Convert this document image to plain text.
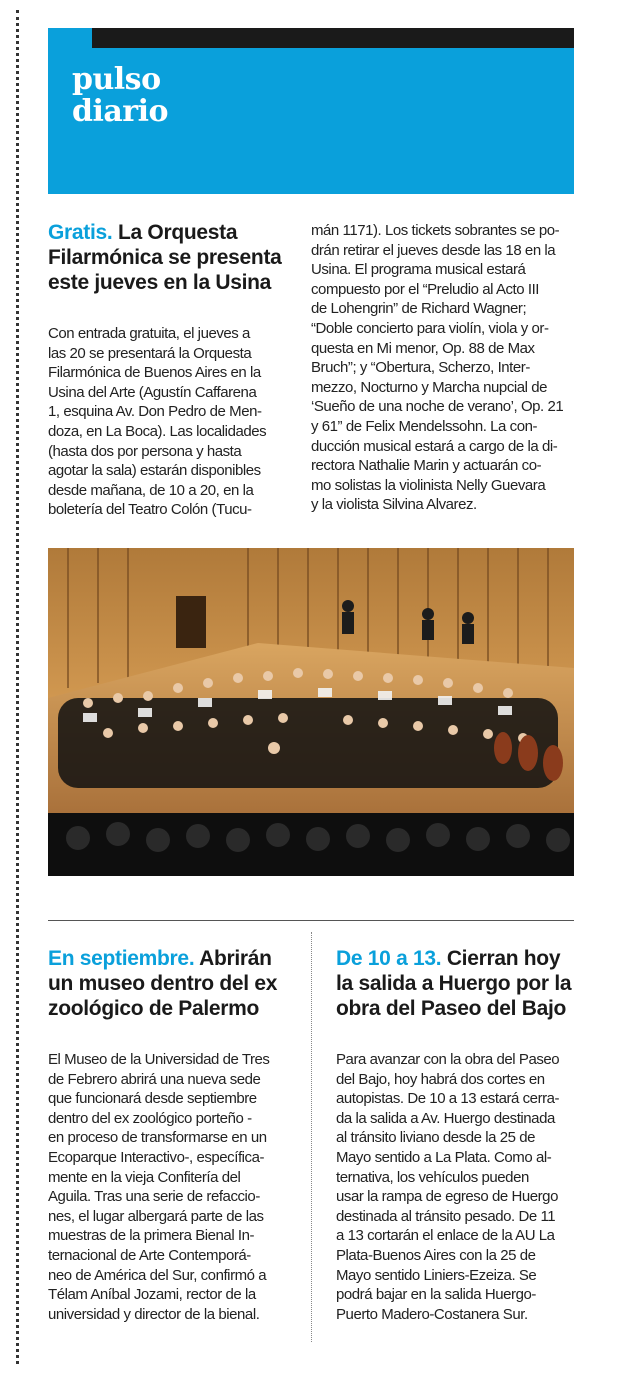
pulso
diario
Gratis. La Orquesta Filarmónica se presenta este jueves en la Usina
Con entrada gratuita, el jueves a
las 20 se presentará la Orquesta
Filarmónica de Buenos Aires en la
Usina del Arte (Agustín Caffarena
1, esquina Av. Don Pedro de Men-
doza, en La Boca). Las localidades
(hasta dos por persona y hasta
agotar la sala) estarán disponibles
desde mañana, de 10 a 20, en la
boletería del Teatro Colón (Tucu-
mán 1171). Los tickets sobrantes se po-
drán retirar el jueves desde las 18 en la
Usina. El programa musical estará
compuesto por el “Preludio al Acto III
de Lohengrin” de Richard Wagner;
“Doble concierto para violín, viola y or-
questa en Mi menor, Op. 88 de Max
Bruch”; y “Obertura, Scherzo, Inter-
mezzo, Nocturno y Marcha nupcial de
‘Sueño de una noche de verano’, Op. 21
y 61” de Felix Mendelssohn. La con-
ducción musical estará a cargo de la di-
rectora Nathalie Marin y actuarán co-
mo solistas la violinista Nelly Guevara
y la violista Silvina Alvarez.
En septiembre. Abrirán un museo dentro del ex zoológico de Palermo
El Museo de la Universidad de Tres
de Febrero abrirá una nueva sede
que funcionará desde septiembre
dentro del ex zoológico porteño -
en proceso de transformarse en un
Ecoparque Interactivo-, específica-
mente en la vieja Confitería del
Aguila. Tras una serie de refaccio-
nes, el lugar albergará parte de las
muestras de la primera Bienal In-
ternacional de Arte Contemporá-
neo de América del Sur, confirmó a
Télam Aníbal Jozami, rector de la
universidad y director de la bienal.
De 10 a 13. Cierran hoy la salida a Huergo por la obra del Paseo del Bajo
Para avanzar con la obra del Paseo
del Bajo, hoy habrá dos cortes en
autopistas. De 10 a 13 estará cerra-
da la salida a Av. Huergo destinada
al tránsito liviano desde la 25 de
Mayo sentido a La Plata. Como al-
ternativa, los vehículos pueden
usar la rampa de egreso de Huergo
destinada al tránsito pesado. De 11
a 13 cortarán el enlace de la AU La
Plata-Buenos Aires con la 25 de
Mayo sentido Liniers-Ezeiza. Se
podrá bajar en la salida Huergo-
Puerto Madero-Costanera Sur.
